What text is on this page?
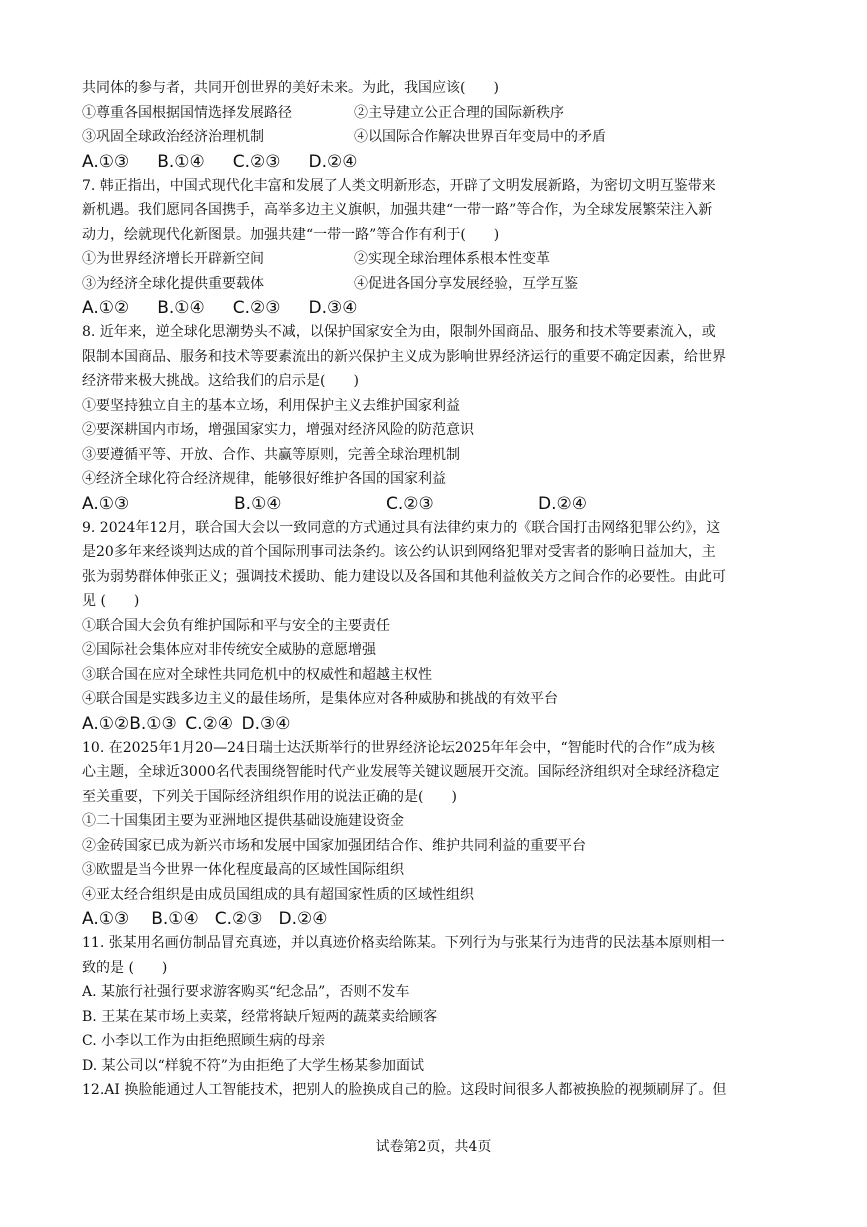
共同体的参与者，共同开创世界的美好未来。为此，我国应该(　　)
①尊重各国根据国情选择发展路径	②主导建立公正合理的国际新秩序
③巩固全球政治经济治理机制	④以国际合作解决世界百年变局中的矛盾
A.①③ B.①④ C.②③ D.②④
7. 韩正指出，中国式现代化丰富和发展了人类文明新形态，开辟了文明发展新路，为密切文明互鉴带来
新机遇。我们愿同各国携手，高举多边主义旗帜，加强共建“一带一路”等合作，为全球发展繁荣注入新
动力，绘就现代化新图景。加强共建“一带一路”等合作有利于(　　)
①为世界经济增长开辟新空间	②实现全球治理体系根本性变革
③为经济全球化提供重要载体	④促进各国分享发展经验，互学互鉴
A.①② B.①④ C.②③ D.③④
8. 近年来，逆全球化思潮势头不减，以保护国家安全为由，限制外国商品、服务和技术等要素流入，或
限制本国商品、服务和技术等要素流出的新兴保护主义成为影响世界经济运行的重要不确定因素，给世界
经济带来极大挑战。这给我们的启示是(　　)
①要坚持独立自主的基本立场，利用保护主义去维护国家利益
②要深耕国内市场，增强国家实力，增强对经济风险的防范意识
③要遵循平等、开放、合作、共赢等原则，完善全球治理机制
④经济全球化符合经济规律，能够很好维护各国的国家利益
A.①③	B.①④	C.②③	D.②④
9. 2024年12月，联合国大会以一致同意的方式通过具有法律约束力的《联合国打击网络犯罪公约》，这
是20多年来经谈判达成的首个国际刑事司法条约。该公约认识到网络犯罪对受害者的影响日益加大，主
张为弱势群体伸张正义；强调技术援助、能力建设以及各国和其他利益攸关方之间合作的必要性。由此可
见 (　　)
①联合国大会负有维护国际和平与安全的主要责任
②国际社会集体应对非传统安全威胁的意愿增强
③联合国在应对全球性共同危机中的权威性和超越主权性
④联合国是实践多边主义的最佳场所，是集体应对各种威胁和挑战的有效平台
A.①②B.①③ C.②④ D.③④
10. 在2025年1月20—24日瑞士达沃斯举行的世界经济论坛2025年年会中，“智能时代的合作”成为核
心主题，全球近3000名代表围绕智能时代产业发展等关键议题展开交流。国际经济组织对全球经济稳定
至关重要，下列关于国际经济组织作用的说法正确的是(　　)
①二十国集团主要为亚洲地区提供基础设施建设资金
②金砖国家已成为新兴市场和发展中国家加强团结合作、维护共同利益的重要平台
③欧盟是当今世界一体化程度最高的区域性国际组织
④亚太经合组织是由成员国组成的具有超国家性质的区域性组织
A.①③ B.①④ C.②③ D.②④
11. 张某用名画仿制品冒充真迹，并以真迹价格卖给陈某。下列行为与张某行为违背的民法基本原则相一
致的是 (　　)
A. 某旅行社强行要求游客购买“纪念品”，否则不发车
B. 王某在某市场上卖菜，经常将缺斤短两的蔬菜卖给顾客
C. 小李以工作为由拒绝照顾生病的母亲
D. 某公司以“样貌不符”为由拒绝了大学生杨某参加面试
12.AI 换脸能通过人工智能技术，把别人的脸换成自己的脸。这段时间很多人都被换脸的视频刷屏了。但
试卷第2页，共4页
